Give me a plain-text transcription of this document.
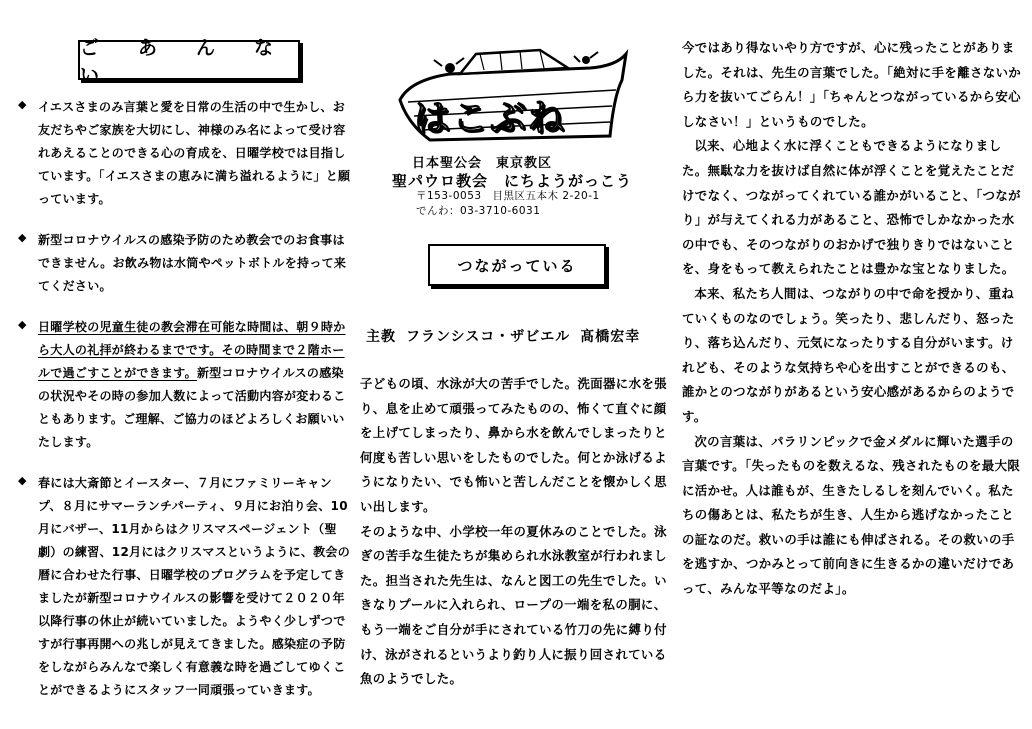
ご　あ　ん　な　い
◆ イエスさまのみ言葉と愛を日常の生活の中で生かし、お友だちやご家族を大切にし、神様のみ名によって受け容れあえることのできる心の育成を、日曜学校では目指しています。「イエスさまの恵みに満ち溢れるように」と願っています。
◆ 新型コロナウイルスの感染予防のため教会でのお食事はできません。お飲み物は水筒やペットボトルを持って来てください。
◆ 日曜学校の児童生徒の教会滞在可能な時間は、朝９時から大人の礼拝が終わるまでです。その時間まで２階ホールで過ごすことができます。新型コロナウイルスの感染の状況やその時の参加人数によって活動内容が変わることもあります。ご理解、ご協力のほどよろしくお願いいたします。
◆ 春には大斎節とイースター、７月にファミリーキャンプ、８月にサマーランチパーティ、９月にお泊り会、10月にバザー、11月からはクリスマスページェント（聖劇）の練習、12月にはクリスマスというように、教会の暦に合わせた行事、日曜学校のプログラムを予定してきましたが新型コロナウイルスの影響を受けて２０２０年以降行事の休止が続いていました。ようやく少しずつですが行事再開への兆しが見えてきました。感染症の予防をしながらみんなで楽しく有意義な時を過ごしてゆくことができるようにスタッフ一同頑張っていきます。
はこぶね
日本聖公会　東京教区
聖パウロ教会　にちようがっこう
〒153-0053　目黒区五本木 2-20-1
でんわ：03-3710-6031
つながっている
主教 フランシスコ・ザビエル 髙橋宏幸

子どもの頃、水泳が大の苦手でした。洗面器に水を張り、息を止めて頑張ってみたものの、怖くて直ぐに顔を上げてしまったり、鼻から水を飲んでしまったりと何度も苦しい思いをしたものでした。何とか泳げるようになりたい、でも怖いと苦しんだことを懐かしく思い出します。

そのような中、小学校一年の夏休みのことでした。泳ぎの苦手な生徒たちが集められ水泳教室が行われました。担当された先生は、なんと図工の先生でした。いきなりプールに入れられ、ロープの一端を私の胴に、もう一端をご自分が手にされている竹刀の先に縛り付け、泳がされるというより釣り人に振り回されている魚のようでした。

今ではあり得ないやり方ですが、心に残ったことがありました。それは、先生の言葉でした。「絶対に手を離さないから力を抜いてごらん！」「ちゃんとつながっているから安心しなさい！」というものでした。

以来、心地よく水に浮くこともできるようになりました。無駄な力を抜けば自然に体が浮くことを覚えたことだけでなく、つながってくれている誰かがいること、「つながり」が与えてくれる力があること、恐怖でしかなかった水の中でも、そのつながりのおかげで独りきりではないことを、身をもって教えられたことは豊かな宝となりました。

本来、私たち人間は、つながりの中で命を授かり、重ねていくものなのでしょう。笑ったり、悲しんだり、怒ったり、落ち込んだり、元気になったりする自分がいます。けれども、そのような気持ちや心を出すことができるのも、誰かとのつながりがあるという安心感があるからのようです。

次の言葉は、パラリンピックで金メダルに輝いた選手の言葉です。「失ったものを数えるな、残されたものを最大限に活かせ。人は誰もが、生きたしるしを刻んでいく。私たちの傷あとは、私たちが生き、人生から逃げなかったことの証なのだ。救いの手は誰にも伸ばされる。その救いの手を逃すか、つかみとって前向きに生きるかの違いだけであって、みんな平等なのだよ」。
